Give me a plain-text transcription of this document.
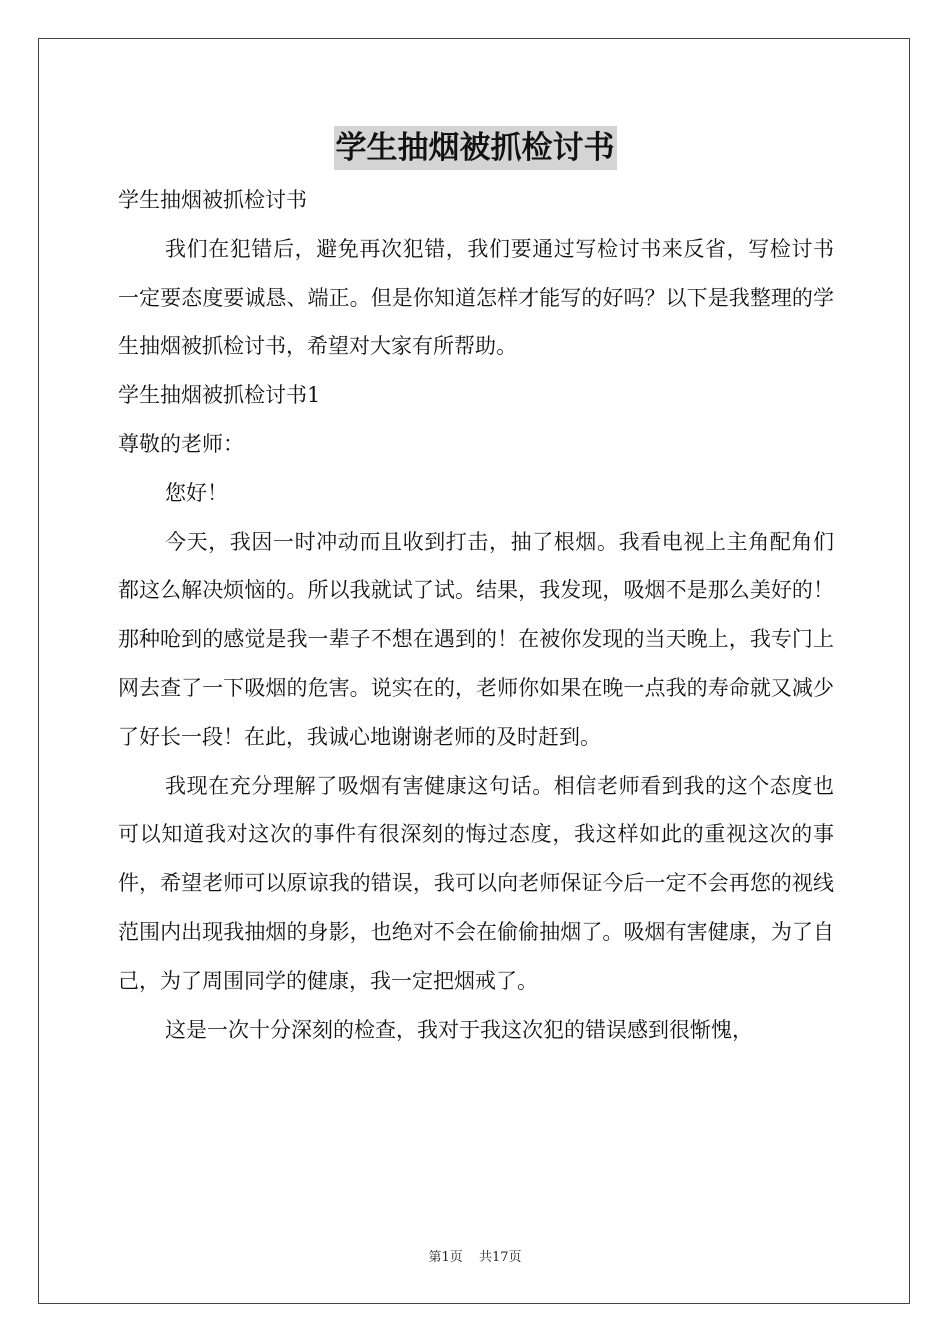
学生抽烟被抓检讨书
学生抽烟被抓检讨书

我们在犯错后，避免再次犯错，我们要通过写检讨书来反省，写检讨书一定要态度要诚恳、端正。但是你知道怎样才能写的好吗？以下是我整理的学生抽烟被抓检讨书，希望对大家有所帮助。

学生抽烟被抓检讨书1
尊敬的老师：

您好！

今天，我因一时冲动而且收到打击，抽了根烟。我看电视上主角配角们都这么解决烦恼的。所以我就试了试。结果，我发现，吸烟不是那么美好的！那种呛到的感觉是我一辈子不想在遇到的！在被你发现的当天晚上，我专门上网去查了一下吸烟的危害。说实在的，老师你如果在晚一点我的寿命就又减少了好长一段！在此，我诚心地谢谢老师的及时赶到。

我现在充分理解了吸烟有害健康这句话。相信老师看到我的这个态度也可以知道我对这次的事件有很深刻的悔过态度，我这样如此的重视这次的事件，希望老师可以原谅我的错误，我可以向老师保证今后一定不会再您的视线范围内出现我抽烟的身影，也绝对不会在偷偷抽烟了。吸烟有害健康，为了自己，为了周围同学的健康，我一定把烟戒了。

这是一次十分深刻的检查，我对于我这次犯的错误感到很惭愧，

第1页 共17页
